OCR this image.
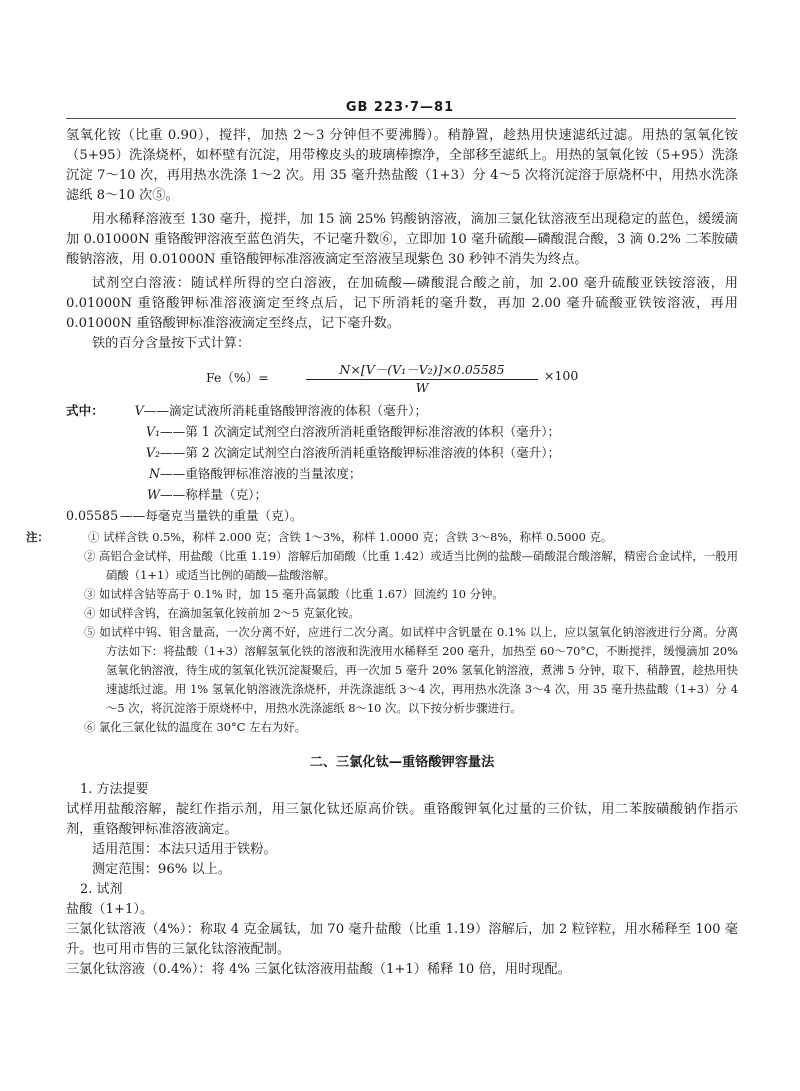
GB 223·7—81

氢氧化铵（比重 0.90），搅拌，加热 2～3 分钟但不要沸腾）。稍静置，趁热用快速滤纸过滤。用热的氢氧化铵（5+95）洗涤烧杯，如杯壁有沉淀，用带橡皮头的玻璃棒擦净，全部移至滤纸上。用热的氢氧化铵（5+95）洗涤沉淀 7～10 次，再用热水洗涤 1～2 次。用 35 毫升热盐酸（1+3）分 4～5 次将沉淀溶于原烧杯中，用热水洗涤滤纸 8～10 次⑤。

用水稀释溶液至 130 毫升，搅拌，加 15 滴 25% 钨酸钠溶液，滴加三氯化钛溶液至出现稳定的蓝色，缓缓滴加 0.01000N 重铬酸钾溶液至蓝色消失，不记毫升数⑥，立即加 10 毫升硫酸—磷酸混合酸，3 滴 0.2% 二苯胺磺酸钠溶液，用 0.01000N 重铬酸钾标准溶液滴定至溶液呈现紫色 30 秒钟不消失为终点。

试剂空白溶液：随试样所得的空白溶液，在加硫酸—磷酸混合酸之前，加 2.00 毫升硫酸亚铁铵溶液，用 0.01000N 重铬酸钾标准溶液滴定至终点后，记下所消耗的毫升数，再加 2.00 毫升硫酸亚铁铵溶液，再用 0.01000N 重铬酸钾标准溶液滴定至终点，记下毫升数。

铁的百分含量按下式计算：

Fe（%）=	$\frac{\text{N×[V－(V₁－V₂)]×0.05585}}{W} \times 100$
式中： V——滴定试液所消耗重铬酸钾溶液的体积（毫升）；
V₁——第 1 次滴定试剂空白溶液所消耗重铬酸钾标准溶液的体积（毫升）；
V₂——第 2 次滴定试剂空白溶液所消耗重铬酸钾标准溶液的体积（毫升）；
N——重铬酸钾标准溶液的当量浓度；
W——称样量（克）；
0.05585 ——每毫克当量铁的重量（克）。

注：	① 试样含铁 0.5%，称样 2.000 克；含铁 1～3%，称样 1.0000 克；含铁 3～8%，称样 0.5000 克。

② 高铝合金试样，用盐酸（比重 1.19）溶解后加硝酸（比重 1.42）或适当比例的盐酸—硝酸混合酸溶解，精密合金试样，一般用硝酸（1+1）或适当比例的硝酸—盐酸溶解。

③ 如试样含钴等高于 0.1% 时，加 15 毫升高氯酸（比重 1.67）回流约 10 分钟。

④ 如试样含钨，在滴加氢氧化铵前加 2～5 克氯化铵。

⑤ 如试样中钨、钼含量高，一次分离不好，应进行二次分离。如试样中含钒量在 0.1% 以上，应以氢氧化钠溶液进行分离。分离方法如下：将盐酸（1+3）溶解氢氧化铁的溶液和洗液用水稀释至 200 毫升，加热至 60～70°C，不断搅拌，缓慢滴加 20% 氢氧化钠溶液，待生成的氢氧化铁沉淀凝聚后，再一次加 5 毫升 20% 氢氧化钠溶液，煮沸 5 分钟，取下，稍静置，趁热用快速滤纸过滤。用 1% 氢氧化钠溶液洗涤烧杯，并洗涤滤纸 3～4 次，再用热水洗涤 3～4 次，用 35 毫升热盐酸（1+3）分 4～5 次，将沉淀溶于原烧杯中，用热水洗涤滤纸 8～10 次。以下按分析步骤进行。

⑥ 氯化三氯化钛的温度在 30°C 左右为好。

二、三氯化钛—重铬酸钾容量法

1. 方法提要

试样用盐酸溶解，靛红作指示剂，用三氯化钛还原高价铁。重铬酸钾氧化过量的三价钛，用二苯胺磺酸钠作指示剂，重铬酸钾标准溶液滴定。

适用范围：本法只适用于铁粉。

测定范围：96% 以上。

2. 试剂

盐酸（1+1）。

三氯化钛溶液（4%）：称取 4 克金属钛，加 70 毫升盐酸（比重 1.19）溶解后，加 2 粒锌粒，用水稀释至 100 毫升。也可用市售的三氯化钛溶液配制。

三氯化钛溶液（0.4%）：将 4% 三氯化钛溶液用盐酸（1+1）稀释 10 倍，用时现配。
